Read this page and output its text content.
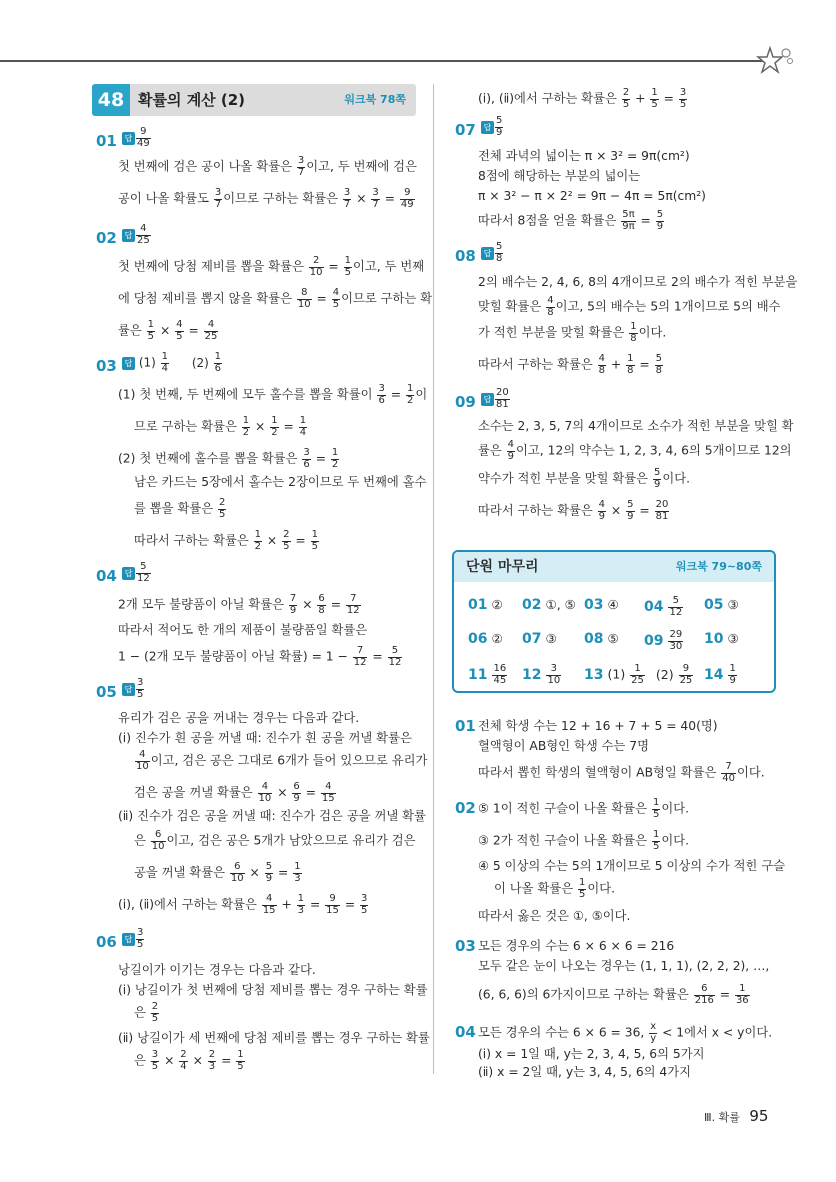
48 확률의 계산 (2)	워크북 78쪽
01 답 $\frac{9}{49}$
첫 번째에 검은 공이 나올 확률은 $\frac{3}{7}$ 이고, 두 번째에 검은
공이 나올 확률도 $\frac{3}{7}$ 이므로 구하는 확률은 $\frac{3}{7} \times \frac{3}{7} = \frac{9}{49}$
02 답 $\frac{4}{25}$
첫 번째에 당첨 제비를 뽑을 확률은 $\frac{2}{10} = \frac{1}{5}$ 이고, 두 번째
에 당첨 제비를 뽑지 않을 확률은 $\frac{8}{10} = \frac{4}{5}$ 이므로 구하는 확
률은 $\frac{1}{5} \times \frac{4}{5} = \frac{4}{25}$
03 답 $(1) \frac{1}{4} (2) \frac{1}{6}$
(1) 첫 번째, 두 번째에 모두 홀수를 뽑을 확률이 $\frac{3}{6} = \frac{1}{2}$ 이
므로 구하는 확률은 $\frac{1}{2} \times \frac{1}{2} = \frac{1}{4}$
(2) 첫 번째에 홀수를 뽑을 확률은 $\frac{3}{6} = \frac{1}{2}$
남은 카드는 5장에서 홀수는 2장이므로 두 번째에 홀수
를 뽑을 확률은 $\frac{2}{5}$
따라서 구하는 확률은 $\frac{1}{2} \times \frac{2}{5} = \frac{1}{5}$
04 답 $\frac{5}{12}$
2개 모두 불량품이 아닐 확률은 $\frac{7}{9} \times \frac{6}{8} = \frac{7}{12}$
따라서 적어도 한 개의 제품이 불량품일 확률은
1 − (2개 모두 불량품이 아닐 확률) = $1 - \frac{7}{12} = \frac{5}{12}$
05 답 $\frac{3}{5}$
유리가 검은 공을 꺼내는 경우는 다음과 같다.
(ⅰ) 진수가 흰 공을 꺼낼 때: 진수가 흰 공을 꺼낼 확률은
$\frac{4}{10}$ 이고, 검은 공은 그대로 6개가 들어 있으므로 유리가
검은 공을 꺼낼 확률은 $\frac{4}{10} \times \frac{6}{9} = \frac{4}{15}$
(ⅱ) 진수가 검은 공을 꺼낼 때: 진수가 검은 공을 꺼낼 확률
은 $\frac{6}{10}$ 이고, 검은 공은 5개가 남았으므로 유리가 검은
공을 꺼낼 확률은 $\frac{6}{10} \times \frac{5}{9} = \frac{1}{3}$
(ⅰ), (ⅱ)에서 구하는 확률은 $\frac{4}{15} + \frac{1}{3} = \frac{9}{15} = \frac{3}{5}$
06 답 $\frac{3}{5}$
낭길이가 이기는 경우는 다음과 같다.
(ⅰ) 낭길이가 첫 번째에 당첨 제비를 뽑는 경우 구하는 확률
은 $\frac{2}{5}$
(ⅱ) 낭길이가 세 번째에 당첨 제비를 뽑는 경우 구하는 확률
은 $\frac{3}{5} \times \frac{2}{4} \times \frac{2}{3} = \frac{1}{5}$
(ⅰ), (ⅱ)에서 구하는 확률은 $\frac{2}{5} + \frac{1}{5} = \frac{3}{5}$
07 답 $\frac{5}{9}$
전체 과녁의 넓이는 π × 3² = 9π(cm²)
8점에 해당하는 부분의 넓이는
π × 3² − π × 2² = 9π − 4π = 5π(cm²)
따라서 8점을 얻을 확률은 $\frac{5\pi}{9\pi} = \frac{5}{9}$
08 답 $\frac{5}{8}$
2의 배수는 2, 4, 6, 8의 4개이므로 2의 배수가 적힌 부분을
맞힐 확률은 $\frac{4}{8}$ 이고, 5의 배수는 5의 1개이므로 5의 배수
가 적힌 부분을 맞힐 확률은 $\frac{1}{8}$ 이다.
따라서 구하는 확률은 $\frac{4}{8} + \frac{1}{8} = \frac{5}{8}$
09 답 $\frac{20}{81}$
소수는 2, 3, 5, 7의 4개이므로 소수가 적힌 부분을 맞힐 확
률은 $\frac{4}{9}$ 이고, 12의 약수는 1, 2, 3, 4, 6의 5개이므로 12의
약수가 적힌 부분을 맞힐 확률은 $\frac{5}{9}$ 이다.
따라서 구하는 확률은 $\frac{4}{9} \times \frac{5}{9} = \frac{20}{81}$
01 전체 학생 수는 12 + 16 + 7 + 5 = 40(명)
혈액형이 AB형인 학생 수는 7명
따라서 뽑힌 학생의 혈액형이 AB형일 확률은 $\frac{7}{40}$ 이다.
02 ⑤ 1이 적힌 구슬이 나올 확률은 $\frac{1}{5}$ 이다.
③ 2가 적힌 구슬이 나올 확률은 $\frac{1}{5}$ 이다.
④ 5 이상의 수는 5의 1개이므로 5 이상의 수가 적힌 구슬
이 나올 확률은 $\frac{1}{5}$ 이다.
따라서 옳은 것은 ①, ⑤이다.
03 모든 경우의 수는 6 × 6 × 6 = 216
모두 같은 눈이 나오는 경우는 (1, 1, 1), (2, 2, 2), …,
(6, 6, 6)의 6가지이므로 구하는 확률은 $\frac{6}{216} = \frac{1}{36}$
04 모든 경우의 수는 6 × 6 = 36, $\frac{x}{y} < 1$에서 x < y이다.
(ⅰ) x = 1일 때, y는 2, 3, 4, 5, 6의 5가지
(ⅱ) x = 2일 때, y는 3, 4, 5, 6의 4가지
단원 마무리	워크북 79~80쪽
01 ② 02 ①, ⑤ 03 ④ $04 \frac{5}{12} 05$ ③
06 ② 07 ③ 08 ⑤ $09 \frac{29}{30} 10$ ③
$11 \frac{16}{45} 12 \frac{3}{10} 13$ $(1) \frac{1}{25} (2) \frac{9}{25} 14 \frac{1}{9}$
Ⅲ. 확률 95
